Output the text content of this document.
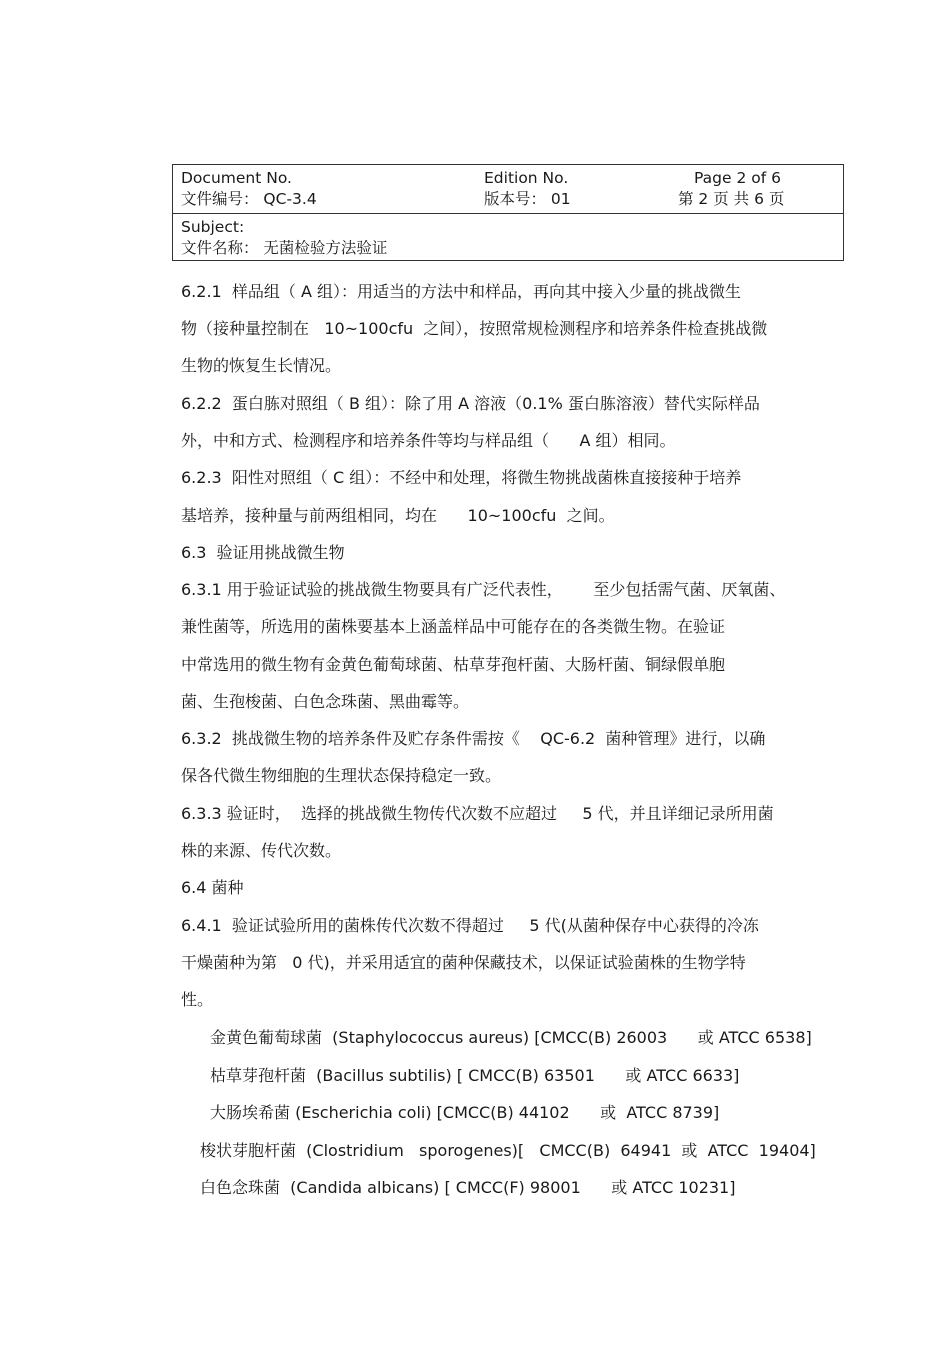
Document No.
文件编号： QC-3.4
Edition No.
版本号： 01
Page 2 of 6
第 2 页 共 6 页
Subject:
文件名称： 无菌检验方法验证
6.2.1  样品组（ A 组）：用适当的方法中和样品，再向其中接入少量的挑战微生
物（接种量控制在   10~100cfu  之间），按照常规检测程序和培养条件检查挑战微
生物的恢复生长情况。
6.2.2  蛋白胨对照组（ B 组）：除了用 A 溶液（0.1% 蛋白胨溶液）替代实际样品
外，中和方式、检测程序和培养条件等均与样品组（      A 组）相同。
6.2.3  阳性对照组（ C 组）：不经中和处理，将微生物挑战菌株直接接种于培养
基培养，接种量与前两组相同，均在      10~100cfu  之间。
6.3  验证用挑战微生物
6.3.1 用于验证试验的挑战微生物要具有广泛代表性，      至少包括需气菌、厌氧菌、
兼性菌等，所选用的菌株要基本上涵盖样品中可能存在的各类微生物。在验证
中常选用的微生物有金黄色葡萄球菌、枯草芽孢杆菌、大肠杆菌、铜绿假单胞
菌、生孢梭菌、白色念珠菌、黑曲霉等。
6.3.2  挑战微生物的培养条件及贮存条件需按《    QC-6.2  菌种管理》进行，以确
保各代微生物细胞的生理状态保持稳定一致。
6.3.3 验证时，  选择的挑战微生物传代次数不应超过     5 代，并且详细记录所用菌
株的来源、传代次数。
6.4 菌种
6.4.1  验证试验所用的菌株传代次数不得超过     5 代(从菌种保存中心获得的冷冻
干燥菌种为第   0 代)，并采用适宜的菌种保藏技术，以保证试验菌株的生物学特
性。
金黄色葡萄球菌  (Staphylococcus aureus) [CMCC(B) 26003      或 ATCC 6538]
枯草芽孢杆菌  (Bacillus subtilis) [ CMCC(B) 63501      或 ATCC 6633]
大肠埃希菌 (Escherichia coli) [CMCC(B) 44102      或  ATCC 8739]
梭状芽胞杆菌  (Clostridium   sporogenes)[   CMCC(B)  64941  或  ATCC  19404]
白色念珠菌  (Candida albicans) [ CMCC(F) 98001      或 ATCC 10231]
